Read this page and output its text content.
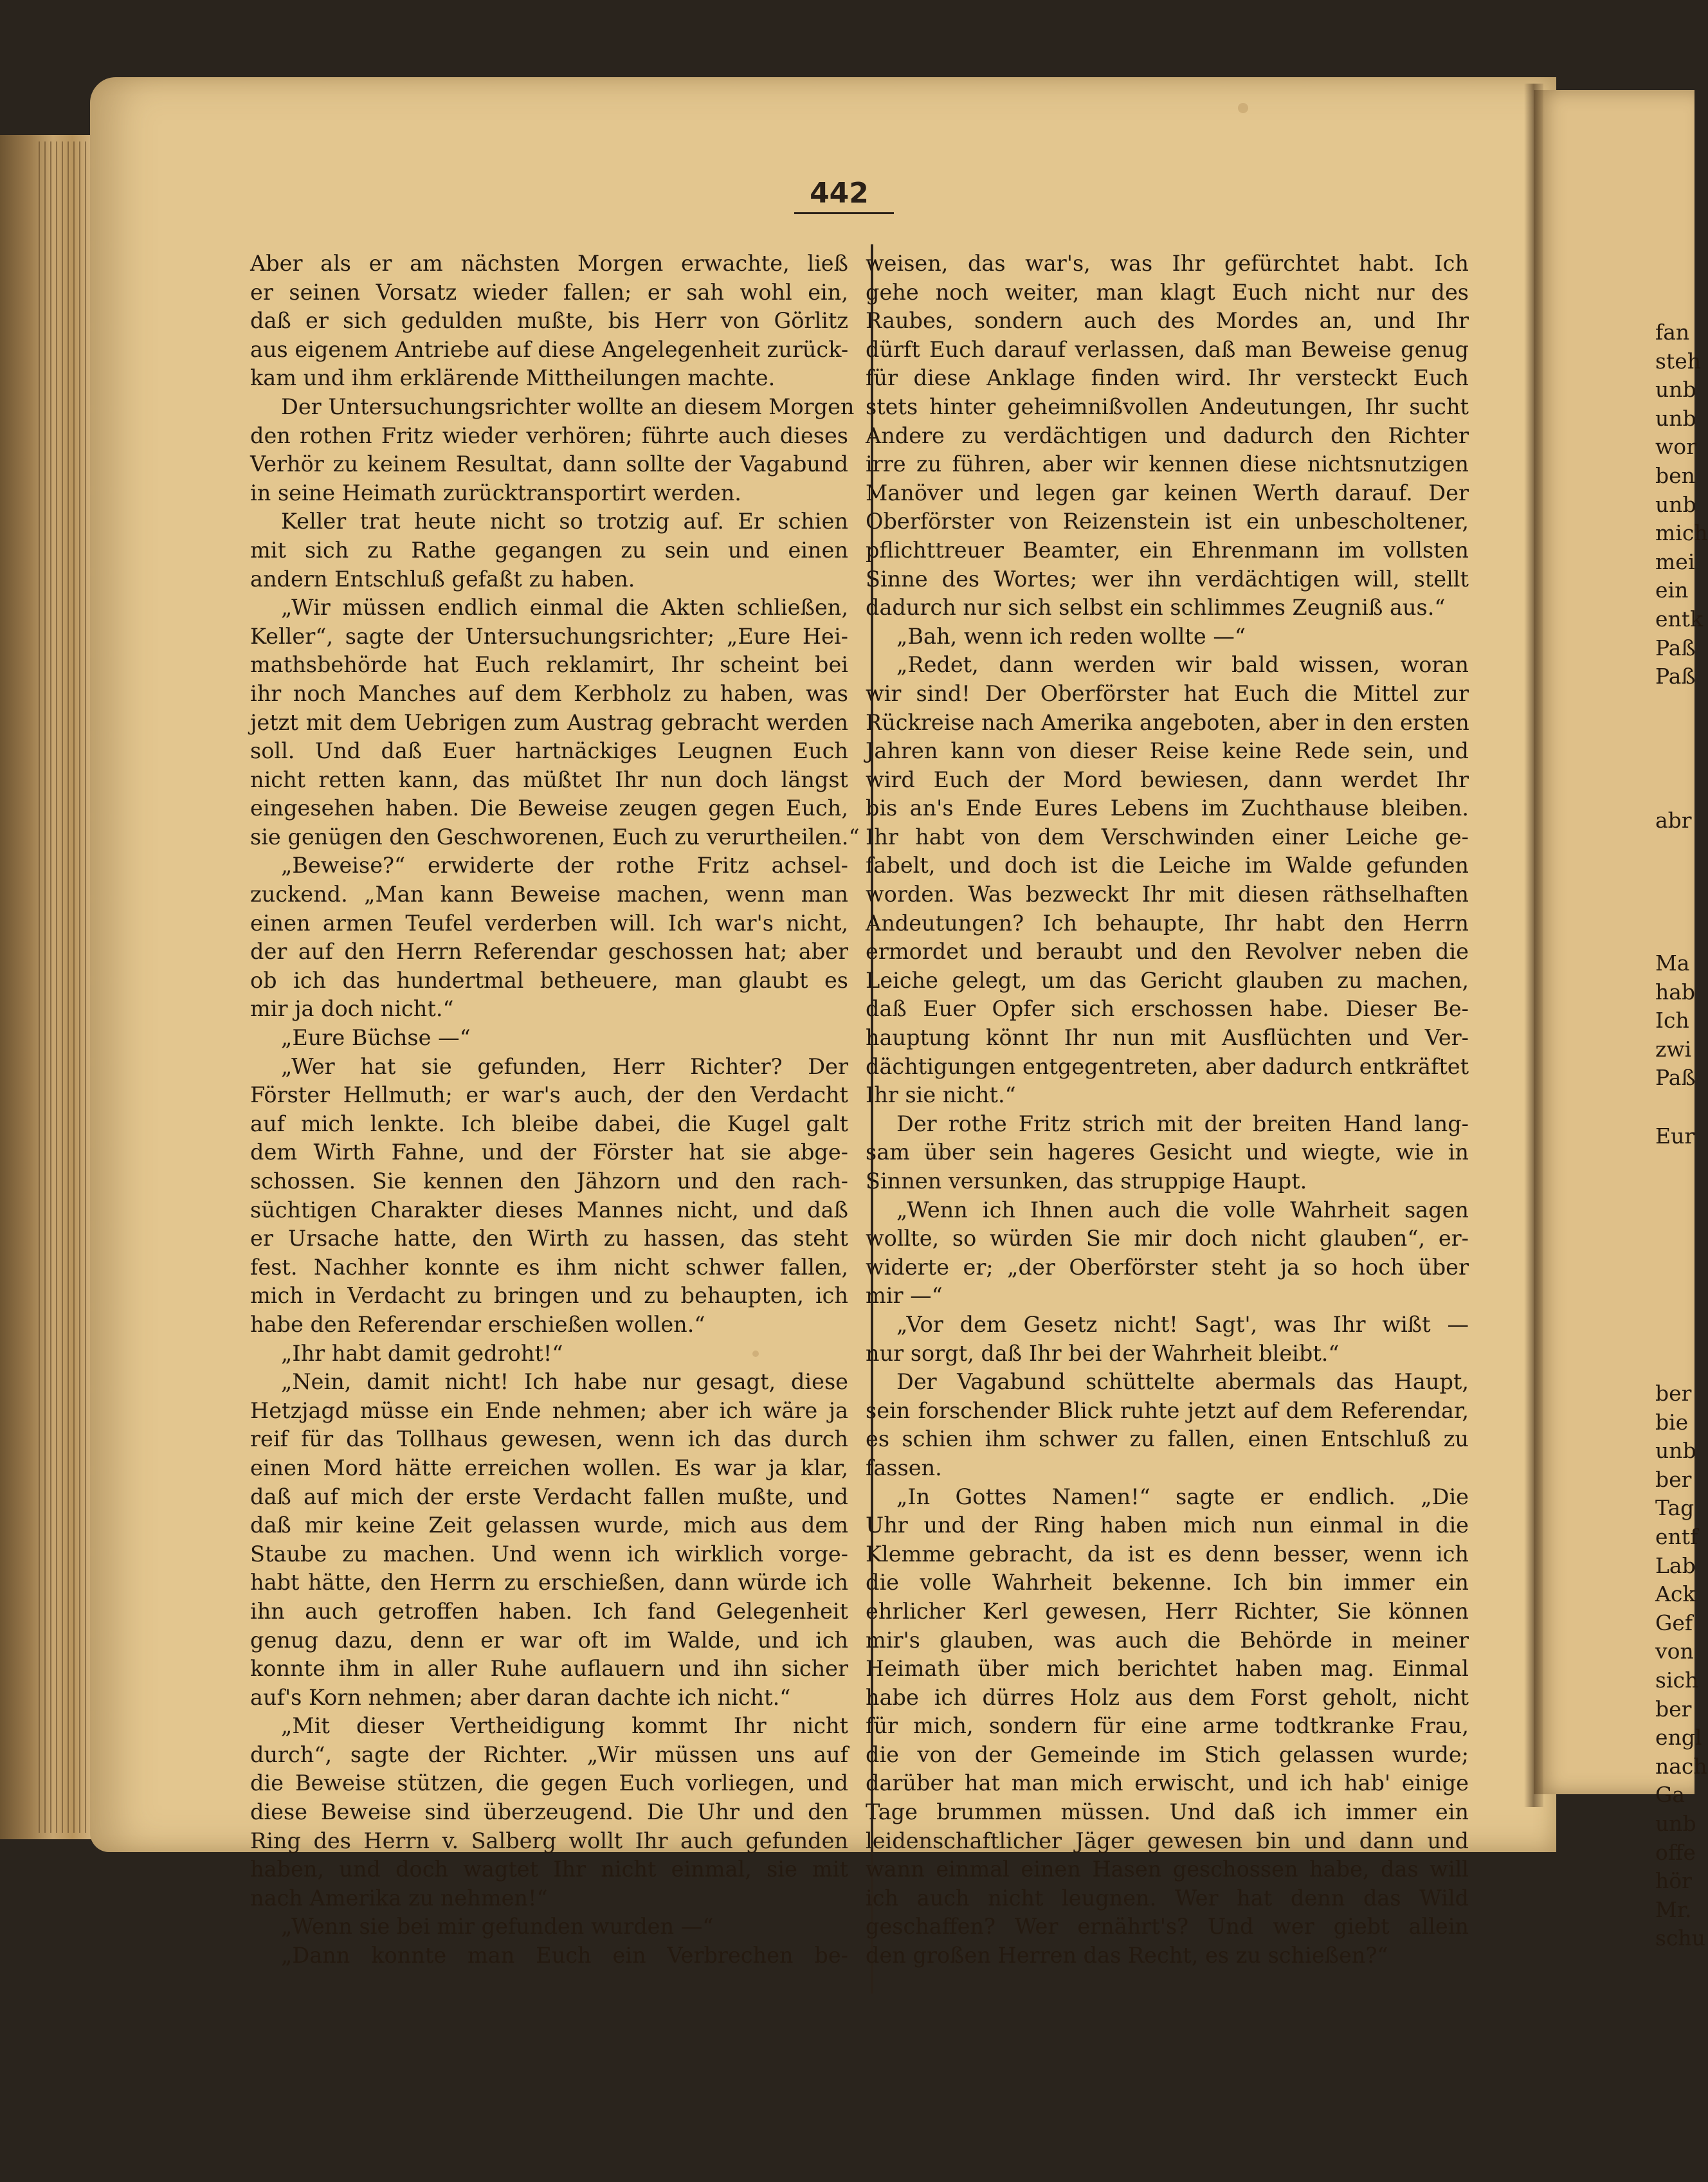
442
Aber als er am nächsten Morgen erwachte, ließ
er seinen Vorsatz wieder fallen; er sah wohl ein,
daß er sich gedulden mußte, bis Herr von Görlitz
aus eigenem Antriebe auf diese Angelegenheit zurück-
kam und ihm erklärende Mittheilungen machte.
Der Untersuchungsrichter wollte an diesem Morgen
den rothen Fritz wieder verhören; führte auch dieses
Verhör zu keinem Resultat, dann sollte der Vagabund
in seine Heimath zurücktransportirt werden.
Keller trat heute nicht so trotzig auf. Er schien
mit sich zu Rathe gegangen zu sein und einen
andern Entschluß gefaßt zu haben.
„Wir müssen endlich einmal die Akten schließen,
Keller“, sagte der Untersuchungsrichter; „Eure Hei-
mathsbehörde hat Euch reklamirt, Ihr scheint bei
ihr noch Manches auf dem Kerbholz zu haben, was
jetzt mit dem Uebrigen zum Austrag gebracht werden
soll. Und daß Euer hartnäckiges Leugnen Euch
nicht retten kann, das müßtet Ihr nun doch längst
eingesehen haben. Die Beweise zeugen gegen Euch,
sie genügen den Geschworenen, Euch zu verurtheilen.“
„Beweise?“ erwiderte der rothe Fritz achsel-
zuckend. „Man kann Beweise machen, wenn man
einen armen Teufel verderben will. Ich war's nicht,
der auf den Herrn Referendar geschossen hat; aber
ob ich das hundertmal betheuere, man glaubt es
mir ja doch nicht.“
„Eure Büchse —“
„Wer hat sie gefunden, Herr Richter? Der
Förster Hellmuth; er war's auch, der den Verdacht
auf mich lenkte. Ich bleibe dabei, die Kugel galt
dem Wirth Fahne, und der Förster hat sie abge-
schossen. Sie kennen den Jähzorn und den rach-
süchtigen Charakter dieses Mannes nicht, und daß
er Ursache hatte, den Wirth zu hassen, das steht
fest. Nachher konnte es ihm nicht schwer fallen,
mich in Verdacht zu bringen und zu behaupten, ich
habe den Referendar erschießen wollen.“
„Ihr habt damit gedroht!“
„Nein, damit nicht! Ich habe nur gesagt, diese
Hetzjagd müsse ein Ende nehmen; aber ich wäre ja
reif für das Tollhaus gewesen, wenn ich das durch
einen Mord hätte erreichen wollen. Es war ja klar,
daß auf mich der erste Verdacht fallen mußte, und
daß mir keine Zeit gelassen wurde, mich aus dem
Staube zu machen. Und wenn ich wirklich vorge-
habt hätte, den Herrn zu erschießen, dann würde ich
ihn auch getroffen haben. Ich fand Gelegenheit
genug dazu, denn er war oft im Walde, und ich
konnte ihm in aller Ruhe auflauern und ihn sicher
auf's Korn nehmen; aber daran dachte ich nicht.“
„Mit dieser Vertheidigung kommt Ihr nicht
durch“, sagte der Richter. „Wir müssen uns auf
die Beweise stützen, die gegen Euch vorliegen, und
diese Beweise sind überzeugend. Die Uhr und den
Ring des Herrn v. Salberg wollt Ihr auch gefunden
haben, und doch wagtet Ihr nicht einmal, sie mit
nach Amerika zu nehmen!“
„Wenn sie bei mir gefunden wurden —“
„Dann konnte man Euch ein Verbrechen be-
weisen, das war's, was Ihr gefürchtet habt. Ich
gehe noch weiter, man klagt Euch nicht nur des
Raubes, sondern auch des Mordes an, und Ihr
dürft Euch darauf verlassen, daß man Beweise genug
für diese Anklage finden wird. Ihr versteckt Euch
stets hinter geheimnißvollen Andeutungen, Ihr sucht
Andere zu verdächtigen und dadurch den Richter
irre zu führen, aber wir kennen diese nichtsnutzigen
Manöver und legen gar keinen Werth darauf. Der
Oberförster von Reizenstein ist ein unbescholtener,
pflichttreuer Beamter, ein Ehrenmann im vollsten
Sinne des Wortes; wer ihn verdächtigen will, stellt
dadurch nur sich selbst ein schlimmes Zeugniß aus.“
„Bah, wenn ich reden wollte —“
„Redet, dann werden wir bald wissen, woran
wir sind! Der Oberförster hat Euch die Mittel zur
Rückreise nach Amerika angeboten, aber in den ersten
Jahren kann von dieser Reise keine Rede sein, und
wird Euch der Mord bewiesen, dann werdet Ihr
bis an's Ende Eures Lebens im Zuchthause bleiben.
Ihr habt von dem Verschwinden einer Leiche ge-
fabelt, und doch ist die Leiche im Walde gefunden
worden. Was bezweckt Ihr mit diesen räthselhaften
Andeutungen? Ich behaupte, Ihr habt den Herrn
ermordet und beraubt und den Revolver neben die
Leiche gelegt, um das Gericht glauben zu machen,
daß Euer Opfer sich erschossen habe. Dieser Be-
hauptung könnt Ihr nun mit Ausflüchten und Ver-
dächtigungen entgegentreten, aber dadurch entkräftet
Ihr sie nicht.“
Der rothe Fritz strich mit der breiten Hand lang-
sam über sein hageres Gesicht und wiegte, wie in
Sinnen versunken, das struppige Haupt.
„Wenn ich Ihnen auch die volle Wahrheit sagen
wollte, so würden Sie mir doch nicht glauben“, er-
widerte er; „der Oberförster steht ja so hoch über
mir —“
„Vor dem Gesetz nicht! Sagt', was Ihr wißt —
nur sorgt, daß Ihr bei der Wahrheit bleibt.“
Der Vagabund schüttelte abermals das Haupt,
sein forschender Blick ruhte jetzt auf dem Referendar,
es schien ihm schwer zu fallen, einen Entschluß zu
fassen.
„In Gottes Namen!“ sagte er endlich. „Die
Uhr und der Ring haben mich nun einmal in die
Klemme gebracht, da ist es denn besser, wenn ich
die volle Wahrheit bekenne. Ich bin immer ein
ehrlicher Kerl gewesen, Herr Richter, Sie können
mir's glauben, was auch die Behörde in meiner
Heimath über mich berichtet haben mag. Einmal
habe ich dürres Holz aus dem Forst geholt, nicht
für mich, sondern für eine arme todtkranke Frau,
die von der Gemeinde im Stich gelassen wurde;
darüber hat man mich erwischt, und ich hab' einige
Tage brummen müssen. Und daß ich immer ein
leidenschaftlicher Jäger gewesen bin und dann und
wann einmal einen Hasen geschossen habe, das will
ich auch nicht leugnen. Wer hat denn das Wild
geschaffen? Wer ernährt's? Und wer giebt allein
den großen Herren das Recht, es zu schießen?“
fan
steh
unb
unb
wor
ben
unb
mich
mei
ein
entk
Paß
Paß
abr
Ma
hab
Ich
zwi
Paß
Eur
ber
bie
unb
ber
Tag
entf
Lab
Ack
Gef
von
sich
ber
engl
nach
Ga
unb
offe
hör
Mr.
schu
